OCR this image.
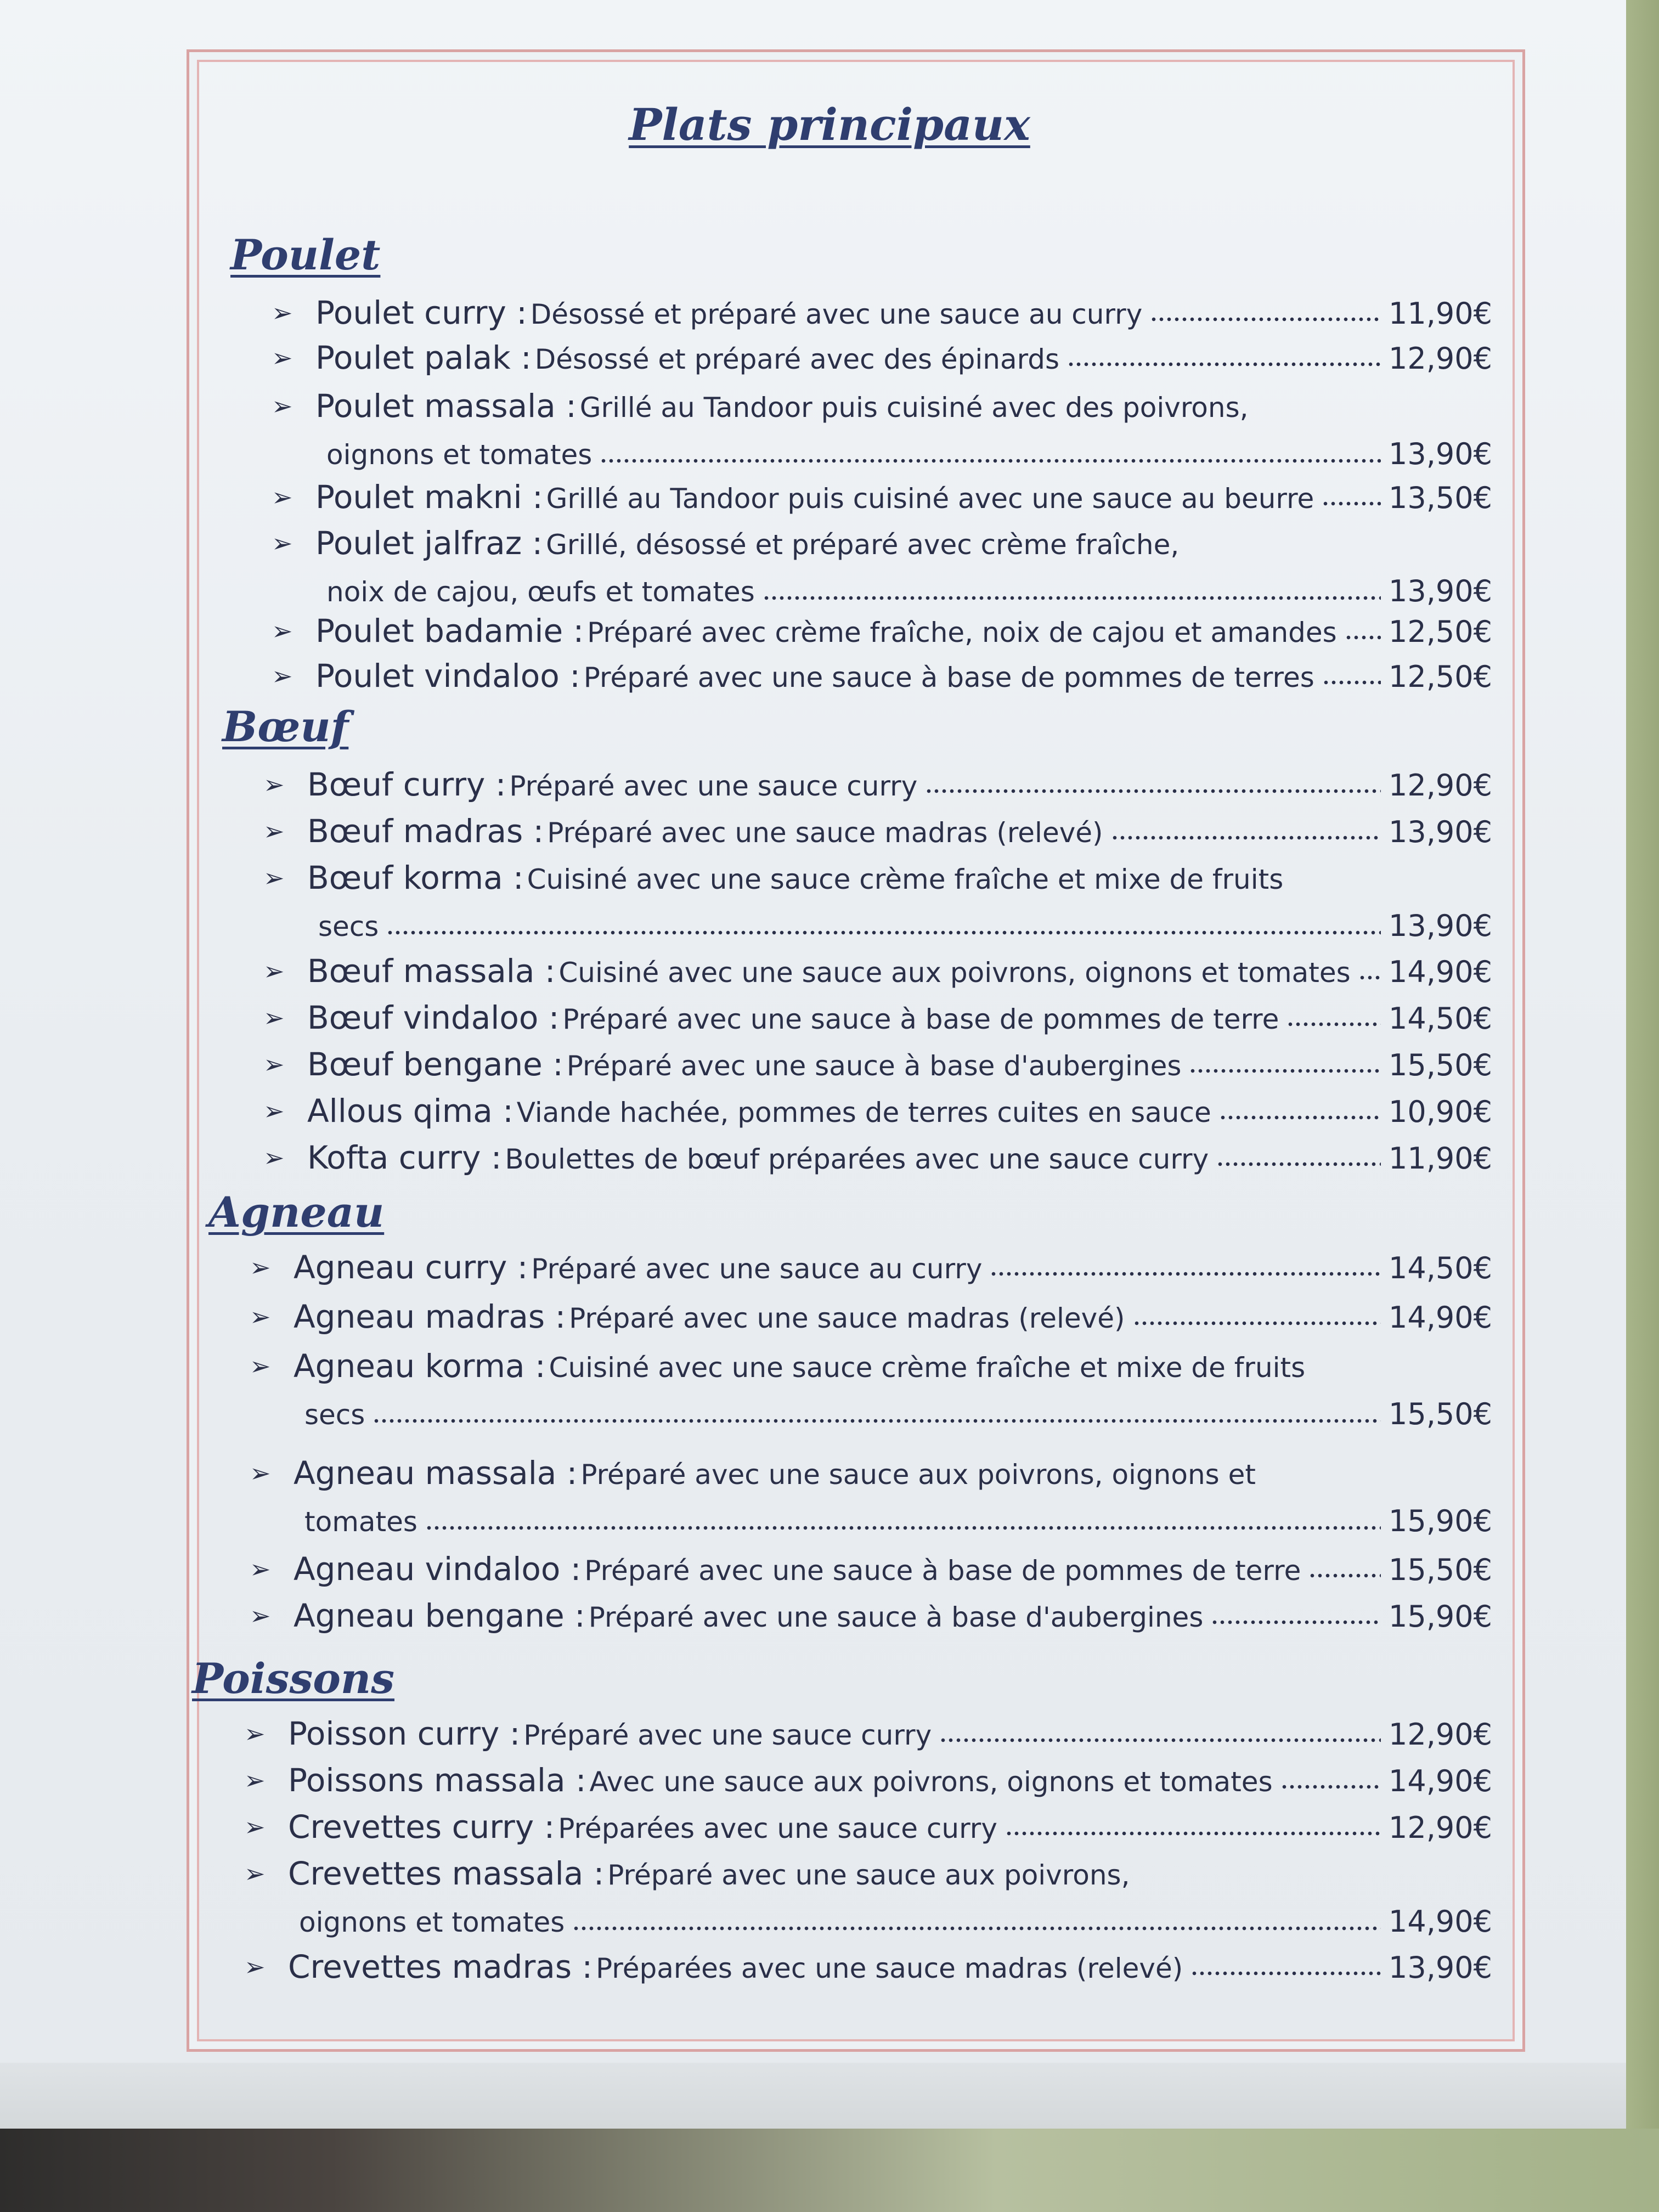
Plats principaux
Poulet
Bœuf
Agneau
Poissons
➢ Poulet curry : Désossé et préparé avec une sauce au curry	11,90€
➢ Poulet palak : Désossé et préparé avec des épinards	12,90€
➢ Poulet massala : Grillé au Tandoor puis cuisiné avec des poivrons,
oignons et tomates	13,90€
➢ Poulet makni : Grillé au Tandoor puis cuisiné avec une sauce au beurre	13,50€
➢ Poulet jalfraz : Grillé, désossé et préparé avec crème fraîche,
noix de cajou, œufs et tomates	13,90€
➢ Poulet badamie : Préparé avec crème fraîche, noix de cajou et amandes 12,50€
➢ Poulet vindaloo : Préparé avec une sauce à base de pommes de terres	12,50€
➢ Bœuf curry : Préparé avec une sauce curry	12,90€
➢ Bœuf madras : Préparé avec une sauce madras (relevé)	13,90€
➢ Bœuf korma : Cuisiné avec une sauce crème fraîche et mixe de fruits
secs	13,90€
➢ Bœuf massala : Cuisiné avec une sauce aux poivrons, oignons et tomates 14,90€
➢ Bœuf vindaloo : Préparé avec une sauce à base de pommes de terre	14,50€
➢ Bœuf bengane : Préparé avec une sauce à base d'aubergines	15,50€
➢ Allous qima : Viande hachée, pommes de terres cuites en sauce	10,90€
➢ Kofta curry : Boulettes de bœuf préparées avec une sauce curry	11,90€
➢ Agneau curry : Préparé avec une sauce au curry	14,50€
➢ Agneau madras : Préparé avec une sauce madras (relevé)	14,90€
➢ Agneau korma : Cuisiné avec une sauce crème fraîche et mixe de fruits
secs	15,50€
➢ Agneau massala : Préparé avec une sauce aux poivrons, oignons et
tomates	15,90€
➢ Agneau vindaloo : Préparé avec une sauce à base de pommes de terre	15,50€
➢ Agneau bengane : Préparé avec une sauce à base d'aubergines	15,90€
➢ Poisson curry : Préparé avec une sauce curry	12,90€
➢ Poissons massala : Avec une sauce aux poivrons, oignons et tomates	14,90€
➢ Crevettes curry : Préparées avec une sauce curry	12,90€
➢ Crevettes massala : Préparé avec une sauce aux poivrons,
oignons et tomates	14,90€
➢ Crevettes madras : Préparées avec une sauce madras (relevé)	13,90€
